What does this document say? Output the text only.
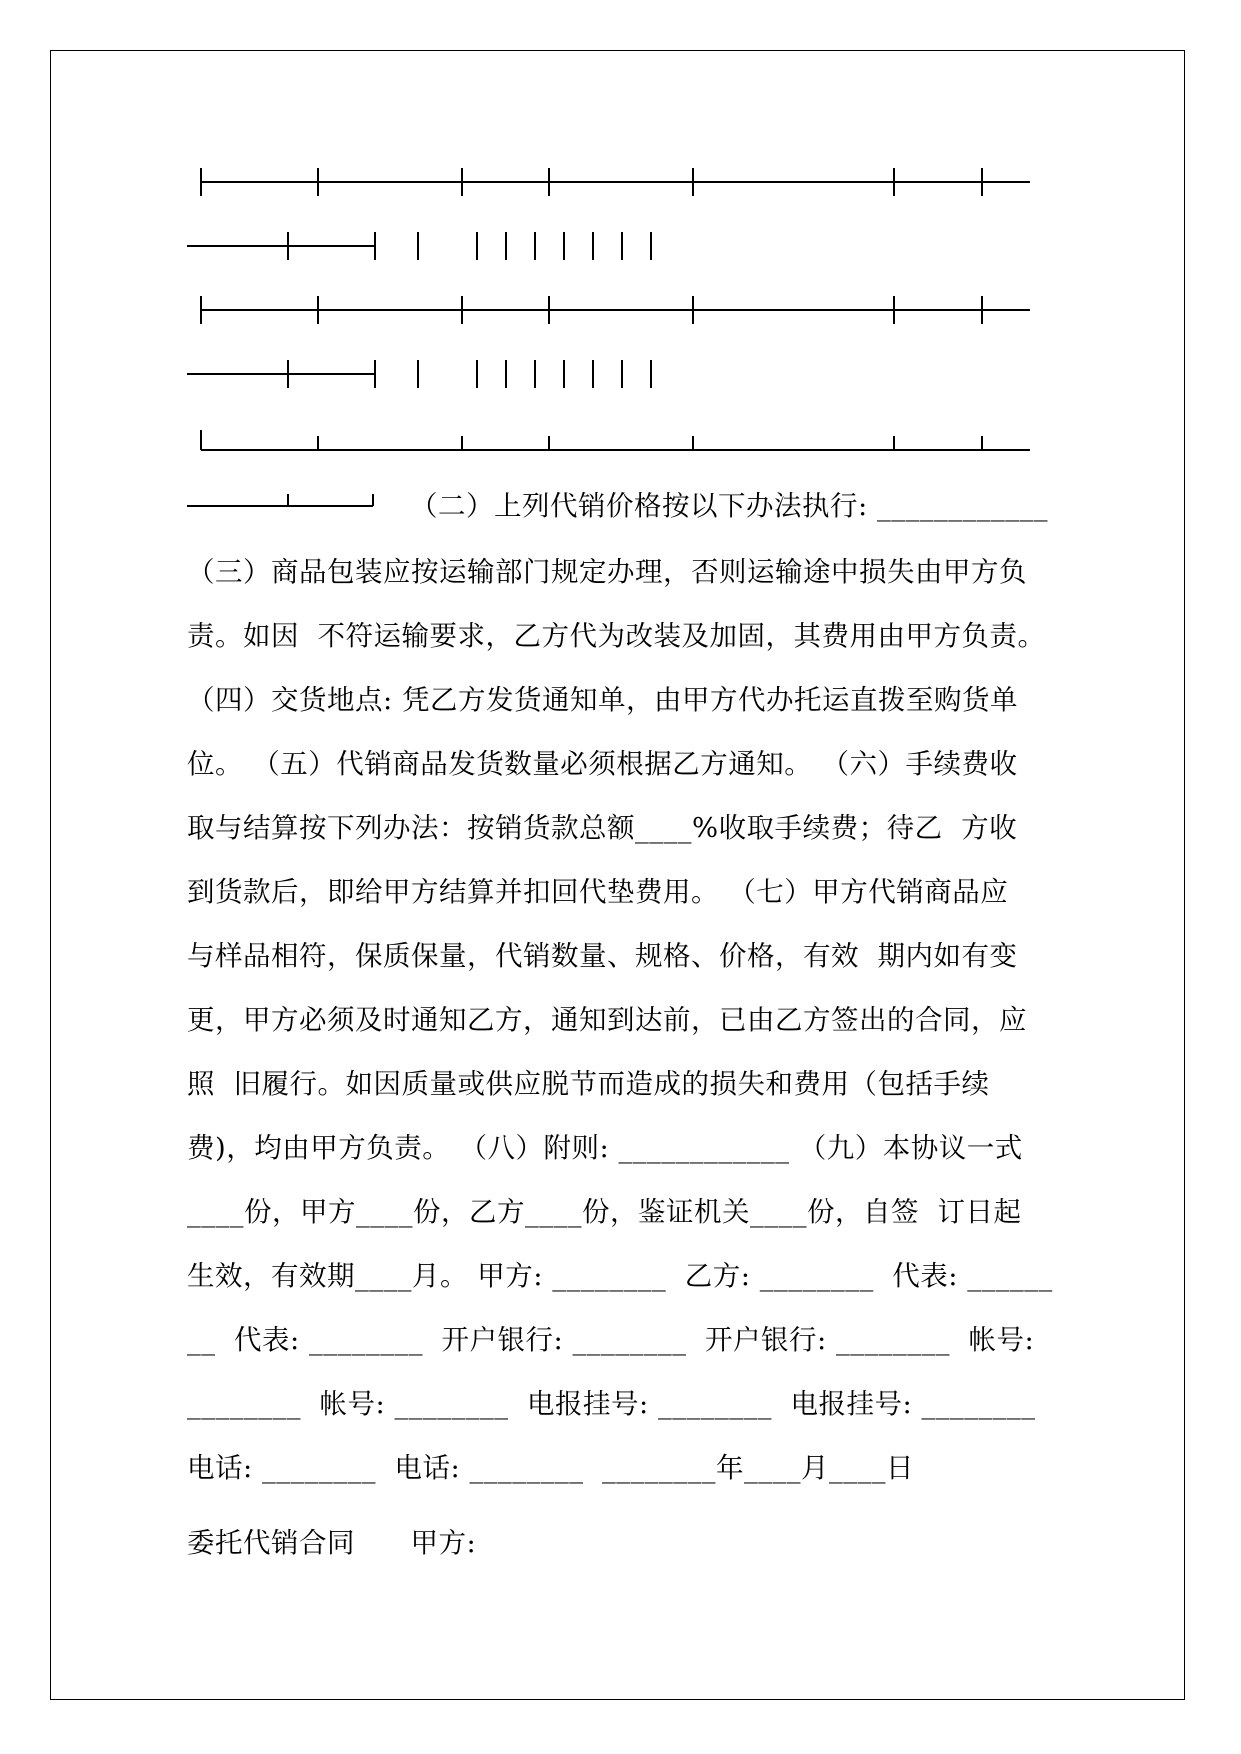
（二）上列代销价格按以下办法执行: ____________
（三）商品包装应按运输部门规定办理，否则运输途中损失由甲方负
责。如因  不符运输要求，乙方代为改装及加固，其费用由甲方负责。
（四）交货地点: 凭乙方发货通知单，由甲方代办托运直拨至购货单
位。 （五）代销商品发货数量必须根据乙方通知。 （六）手续费收
取与结算按下列办法：按销货款总额____%收取手续费；待乙  方收
到货款后，即给甲方结算并扣回代垫费用。 （七）甲方代销商品应
与样品相符，保质保量，代销数量、规格、价格，有效  期内如有变
更，甲方必须及时通知乙方，通知到达前，已由乙方签出的合同，应
照  旧履行。如因质量或供应脱节而造成的损失和费用（包括手续
费)，均由甲方负责。 （八）附则: ____________ （九）本协议一式
____份，甲方____份，乙方____份，鉴证机关____份，自签  订日起
生效，有效期____月。 甲方: ________  乙方: ________  代表: ______
__  代表: ________  开户银行: ________  开户银行: ________  帐号:
________  帐号: ________  电报挂号: ________  电报挂号: ________
电话: ________  电话: ________  ________年____月____日
委托代销合同      甲方:
